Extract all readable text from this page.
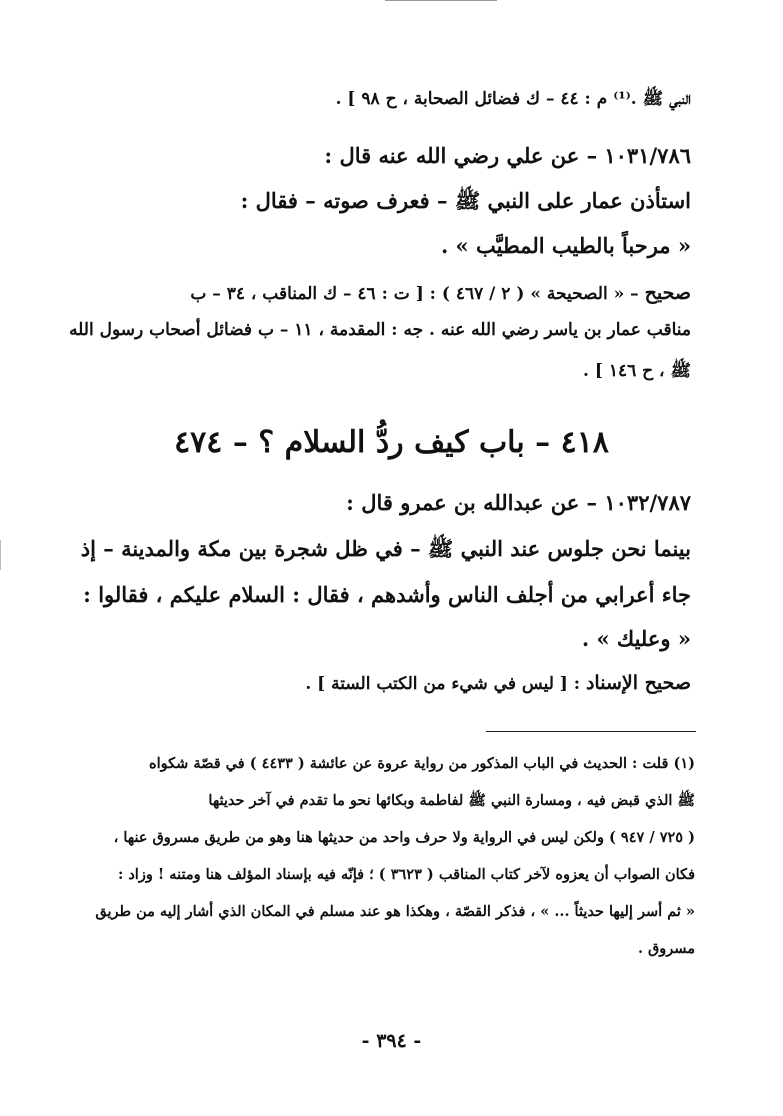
النبي ﷺ .⁽¹⁾ م : ٤٤ – ك فضائل الصحابة ، ح ٩٨ ] .
١٠٣١/٧٨٦ – عن علي رضي الله عنه قال :
استأذن عمار على النبي ﷺ – فعرف صوته – فقال :
« مرحباً بالطيب المطيَّب » .
صحيح – « الصحيحة » ( ٢ / ٤٦٧ ) : [ ت : ٤٦ – ك المناقب ، ٣٤ – ب
مناقب عمار بن ياسر رضي الله عنه . جه : المقدمة ، ١١ – ب فضائل أصحاب رسول الله
ﷺ ، ح ١٤٦ ] .
٤١٨ – باب كيف ردُّ السلام ؟ – ٤٧٤
١٠٣٢/٧٨٧ – عن عبدالله بن عمرو قال :
بينما نحن جلوس عند النبي ﷺ – في ظل شجرة بين مكة والمدينة – إذ
جاء أعرابي من أجلف الناس وأشدهم ، فقال : السلام عليكم ، فقالوا :
« وعليك » .
صحيح الإسناد : [ ليس في شيء من الكتب الستة ] .
(١) قلت : الحديث في الباب المذكور من رواية عروة عن عائشة ( ٤٤٣٣ ) في قصّة شكواه
ﷺ الذي قبض فيه ، ومسارة النبي ﷺ لفاطمة وبكائها نحو ما تقدم في آخر حديثها
( ٧٢٥ / ٩٤٧ ) ولكن ليس في الرواية ولا حرف واحد من حديثها هنا وهو من طريق مسروق عنها ،
فكان الصواب أن يعزوه لآخر كتاب المناقب ( ٣٦٢٣ ) ؛ فإنّه فيه بإسناد المؤلف هنا ومتنه ! وزاد :
« ثم أسر إليها حديثاً ... » ، فذكر القصّة ، وهكذا هو عند مسلم في المكان الذي أشار إليه من طريق
مسروق .
- ٣٩٤ -
